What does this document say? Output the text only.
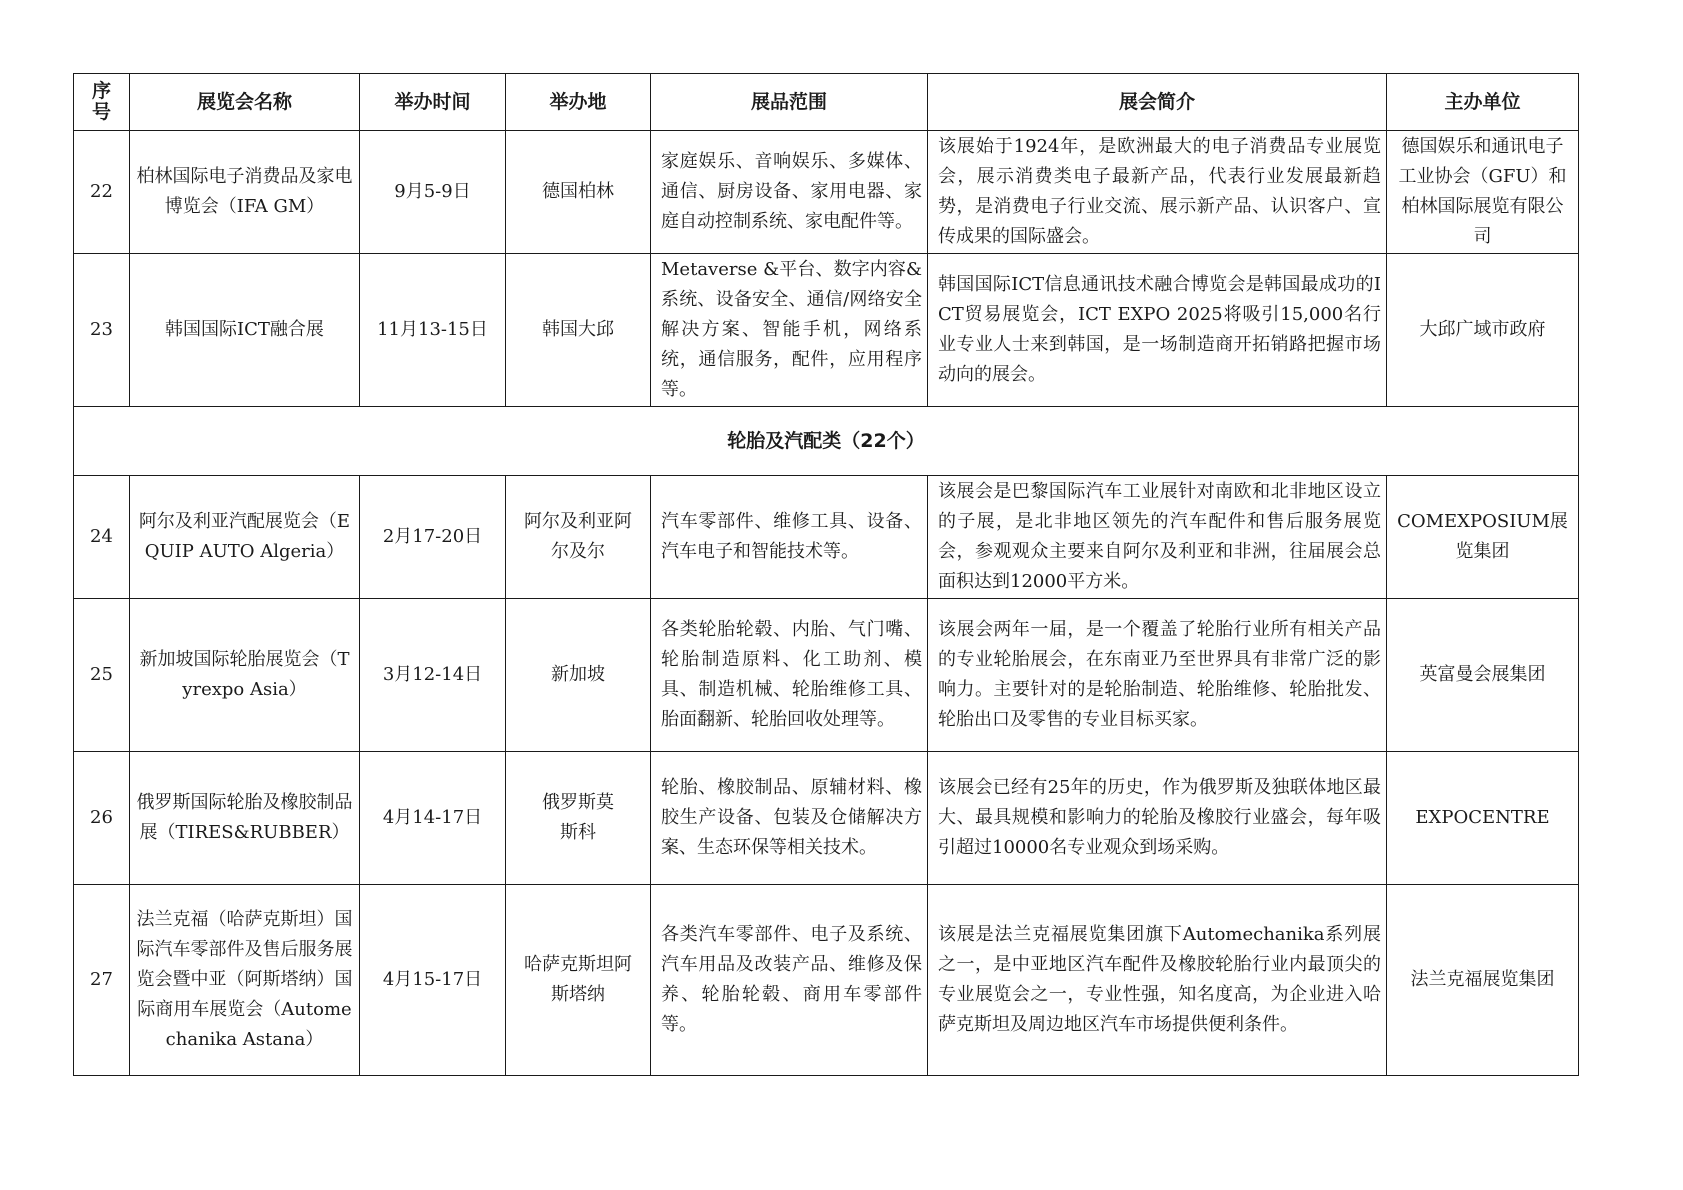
序号	展览会名称	举办时间	举办地	展品范围	展会简介	主办单位
22	柏林国际电子消费品及家电博览会（IFA GM）	9月5-9日	德国柏林	家庭娱乐、音响娱乐、多媒体、通信、厨房设备、家用电器、家庭自动控制系统、家电配件等。	该展始于1924年，是欧洲最大的电子消费品专业展览会，展示消费类电子最新产品，代表行业发展最新趋势，是消费电子行业交流、展示新产品、认识客户、宣传成果的国际盛会。	德国娱乐和通讯电子工业协会（GFU）和柏林国际展览有限公司
23	韩国国际ICT融合展	11月13-15日	韩国大邱	Metaverse &平台、数字内容&系统、设备安全、通信/网络安全解决方案、智能手机，网络系统，通信服务，配件，应用程序等。	韩国国际ICT信息通讯技术融合博览会是韩国最成功的ICT贸易展览会，ICT EXPO 2025将吸引15,000名行业专业人士来到韩国，是一场制造商开拓销路把握市场动向的展会。	大邱广域市政府
轮胎及汽配类（22个）						
24	阿尔及利亚汽配展览会（EQUIP AUTO Algeria）	2月17-20日	阿尔及利亚阿尔及尔	汽车零部件、维修工具、设备、汽车电子和智能技术等。	该展会是巴黎国际汽车工业展针对南欧和北非地区设立的子展，是北非地区领先的汽车配件和售后服务展览会，参观观众主要来自阿尔及利亚和非洲，往届展会总面积达到12000平方米。	COMEXPOSIUM展览集团
25	新加坡国际轮胎展览会（Tyrexpo Asia）	3月12-14日	新加坡	各类轮胎轮毂、内胎、气门嘴、轮胎制造原料、化工助剂、模具、制造机械、轮胎维修工具、胎面翻新、轮胎回收处理等。	该展会两年一届，是一个覆盖了轮胎行业所有相关产品的专业轮胎展会，在东南亚乃至世界具有非常广泛的影响力。主要针对的是轮胎制造、轮胎维修、轮胎批发、轮胎出口及零售的专业目标买家。	英富曼会展集团
26	俄罗斯国际轮胎及橡胶制品展（TIRES&RUBBER）	4月14-17日	俄罗斯莫斯科	轮胎、橡胶制品、原辅材料、橡胶生产设备、包装及仓储解决方案、生态环保等相关技术。	该展会已经有25年的历史，作为俄罗斯及独联体地区最大、最具规模和影响力的轮胎及橡胶行业盛会，每年吸引超过10000名专业观众到场采购。	EXPOCENTRE
27	法兰克福（哈萨克斯坦）国际汽车零部件及售后服务展览会暨中亚（阿斯塔纳）国际商用车展览会（Automechanika Astana）	4月15-17日	哈萨克斯坦阿斯塔纳	各类汽车零部件、电子及系统、汽车用品及改装产品、维修及保养、轮胎轮毂、商用车零部件等。	该展是法兰克福展览集团旗下Automechanika系列展之一，是中亚地区汽车配件及橡胶轮胎行业内最顶尖的专业展览会之一，专业性强，知名度高，为企业进入哈萨克斯坦及周边地区汽车市场提供便利条件。	法兰克福展览集团
